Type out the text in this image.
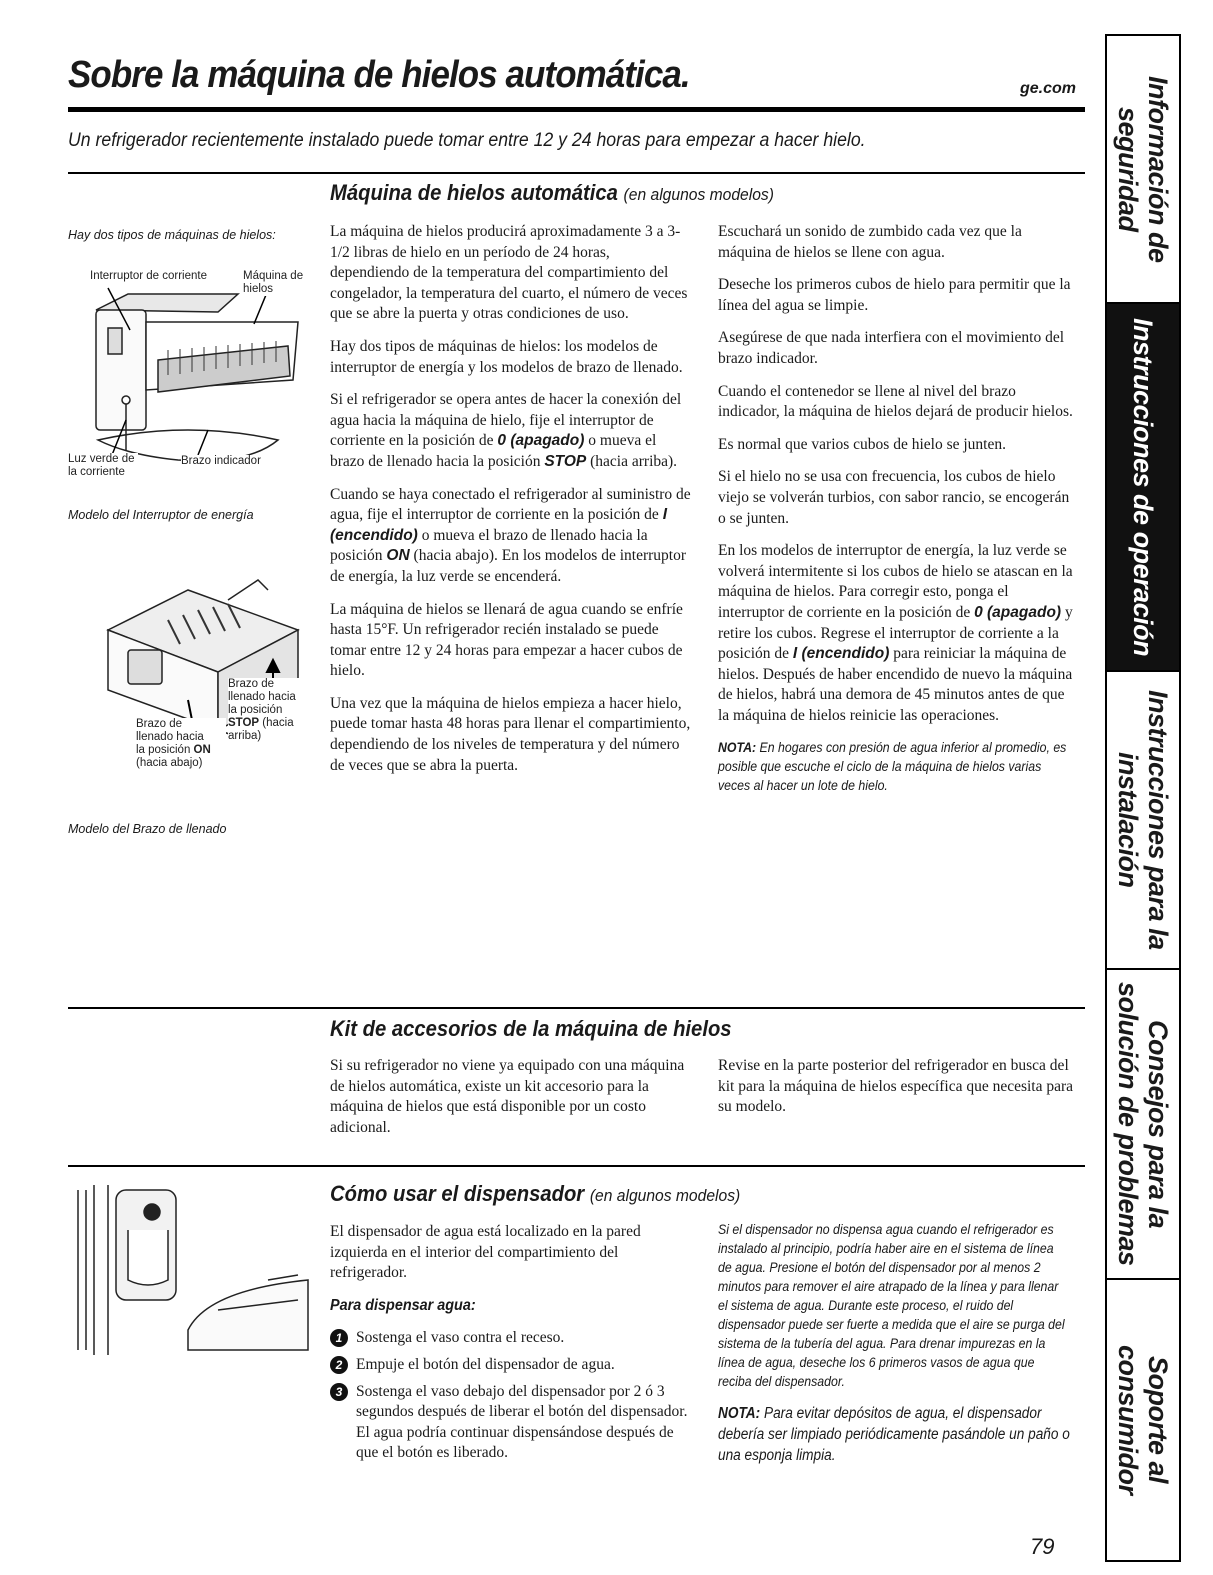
Sobre la máquina de hielos automática.	ge.com
Un refrigerador recientemente instalado puede tomar entre 12 y 24 horas para empezar a hacer hielo.
Máquina de hielos automática (en algunos modelos)
Hay dos tipos de máquinas de hielos:
Interruptor de corriente	Máquina de hielos
Luz verde de la corriente
Brazo indicador
Modelo del Interruptor de energía
Brazo de
llenado hacia
la posición
STOP (hacia
arriba)
Brazo de
llenado hacia
la posición ON
(hacia abajo)
Modelo del Brazo de llenado

La máquina de hielos producirá aproximadamente 3 a 3-1/2 libras de hielo en un período de 24 horas, dependiendo de la temperatura del compartimiento del congelador, la temperatura del cuarto, el número de veces que se abre la puerta y otras condiciones de uso.

Hay dos tipos de máquinas de hielos: los modelos de interruptor de energía y los modelos de brazo de llenado.

Si el refrigerador se opera antes de hacer la conexión del agua hacia la máquina de hielo, fije el interruptor de corriente en la posición de 0 (apagado) o mueva el brazo de llenado hacia la posición STOP (hacia arriba).

Cuando se haya conectado el refrigerador al suministro de agua, fije el interruptor de corriente en la posición de I (encendido) o mueva el brazo de llenado hacia la posición ON (hacia abajo). En los modelos de interruptor de energía, la luz verde se encenderá.

La máquina de hielos se llenará de agua cuando se enfríe hasta 15°F. Un refrigerador recién instalado se puede tomar entre 12 y 24 horas para empezar a hacer cubos de hielo.

Una vez que la máquina de hielos empieza a hacer hielo, puede tomar hasta 48 horas para llenar el compartimiento, dependiendo de los niveles de temperatura y del número de veces que se abra la puerta.

Escuchará un sonido de zumbido cada vez que la máquina de hielos se llene con agua.

Deseche los primeros cubos de hielo para permitir que la línea del agua se limpie.

Asegúrese de que nada interfiera con el movimiento del brazo indicador.

Cuando el contenedor se llene al nivel del brazo indicador, la máquina de hielos dejará de producir hielos.

Es normal que varios cubos de hielo se junten.

Si el hielo no se usa con frecuencia, los cubos de hielo viejo se volverán turbios, con sabor rancio, se encogerán o se junten.

En los modelos de interruptor de energía, la luz verde se volverá intermitente si los cubos de hielo se atascan en la máquina de hielos. Para corregir esto, ponga el interruptor de corriente en la posición de 0 (apagado) y retire los cubos. Regrese el interruptor de corriente a la posición de I (encendido) para reiniciar la máquina de hielos. Después de haber encendido de nuevo la máquina de hielos, habrá una demora de 45 minutos antes de que la máquina de hielos reinicie las operaciones.

NOTA: En hogares con presión de agua inferior al promedio, es posible que escuche el ciclo de la máquina de hielos varias veces al hacer un lote de hielo.
Kit de accesorios de la máquina de hielos

Si su refrigerador no viene ya equipado con una máquina de hielos automática, existe un kit accesorio para la máquina de hielos que está disponible por un costo adicional.

Revise en la parte posterior del refrigerador en busca del kit para la máquina de hielos específica que necesita para su modelo.

Cómo usar el dispensador (en algunos modelos)

El dispensador de agua está localizado en la pared izquierda en el interior del compartimiento del refrigerador.

Para dispensar agua:
1 Sostenga el vaso contra el receso.
2 Empuje el botón del dispensador de agua.
3 Sostenga el vaso debajo del dispensador por 2 ó 3 segundos después de liberar el botón del dispensador. El agua podría continuar dispensándose después de que el botón es liberado.
Si el dispensador no dispensa agua cuando el refrigerador es instalado al principio, podría haber aire en el sistema de línea de agua. Presione el botón del dispensador por al menos 2 minutos para remover el aire atrapado de la línea y para llenar el sistema de agua. Durante este proceso, el ruido del dispensador puede ser fuerte a medida que el aire se purga del sistema de la tubería del agua. Para drenar impurezas en la línea de agua, deseche los 6 primeros vasos de agua que reciba del dispensador.
NOTA: Para evitar depósitos de agua, el dispensador debería ser limpiado periódicamente pasándole un paño o una esponja limpia.
79
Información de seguridad
Instrucciones de operación
Instrucciones para la instalación
Consejos para la solución de problemas
Soporte al consumidor
